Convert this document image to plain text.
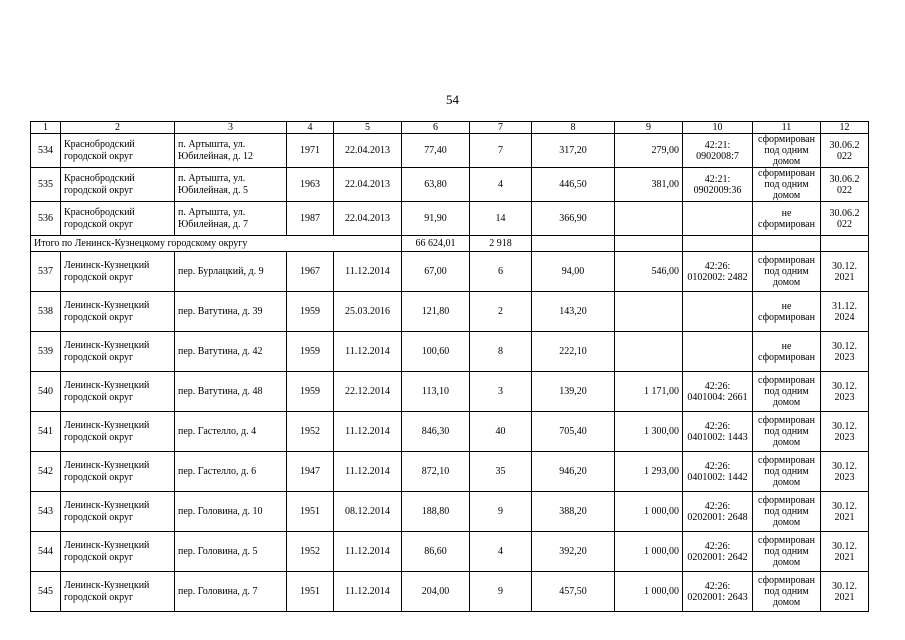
54
1	2	3	4	5	6	7	8	9	10	11	12
534	Краснобродский городской округ	п. Артышта, ул. Юбилейная, д. 12	1971	22.04.2013	77,40	7	317,20	279,00	42:21: 0902008:7	сформирован под одним домом	30.06.2 022
535	Краснобродский городской округ	п. Артышта, ул. Юбилейная, д. 5	1963	22.04.2013	63,80	4	446,50	381,00	42:21: 0902009:36	сформирован под одним домом	30.06.2 022
536	Краснобродский городской округ	п. Артышта, ул. Юбилейная, д. 7	1987	22.04.2013	91,90	14	366,90			не сформирован	30.06.2 022
Итого по Ленинск-Кузнецкому городскому округу					66 624,01	2 918					
537	Ленинск-Кузнецкий городской округ	пер. Бурлацкий, д. 9	1967	11.12.2014	67,00	6	94,00	546,00	42:26: 0102002: 2482	сформирован под одним домом	30.12. 2021
538	Ленинск-Кузнецкий городской округ	пер. Ватутина, д. 39	1959	25.03.2016	121,80	2	143,20			не сформирован	31.12. 2024
539	Ленинск-Кузнецкий городской округ	пер. Ватутина, д. 42	1959	11.12.2014	100,60	8	222,10			не сформирован	30.12. 2023
540	Ленинск-Кузнецкий городской округ	пер. Ватутина, д. 48	1959	22.12.2014	113,10	3	139,20	1 171,00	42:26: 0401004: 2661	сформирован под одним домом	30.12. 2023
541	Ленинск-Кузнецкий городской округ	пер. Гастелло, д. 4	1952	11.12.2014	846,30	40	705,40	1 300,00	42:26: 0401002: 1443	сформирован под одним домом	30.12. 2023
542	Ленинск-Кузнецкий городской округ	пер. Гастелло, д. 6	1947	11.12.2014	872,10	35	946,20	1 293,00	42:26: 0401002: 1442	сформирован под одним домом	30.12. 2023
543	Ленинск-Кузнецкий городской округ	пер. Головина, д. 10	1951	08.12.2014	188,80	9	388,20	1 000,00	42:26: 0202001: 2648	сформирован под одним домом	30.12. 2021
544	Ленинск-Кузнецкий городской округ	пер. Головина, д. 5	1952	11.12.2014	86,60	4	392,20	1 000,00	42:26: 0202001: 2642	сформирован под одним домом	30.12. 2021
545	Ленинск-Кузнецкий городской округ	пер. Головина, д. 7	1951	11.12.2014	204,00	9	457,50	1 000,00	42:26: 0202001: 2643	сформирован под одним домом	30.12. 2021
